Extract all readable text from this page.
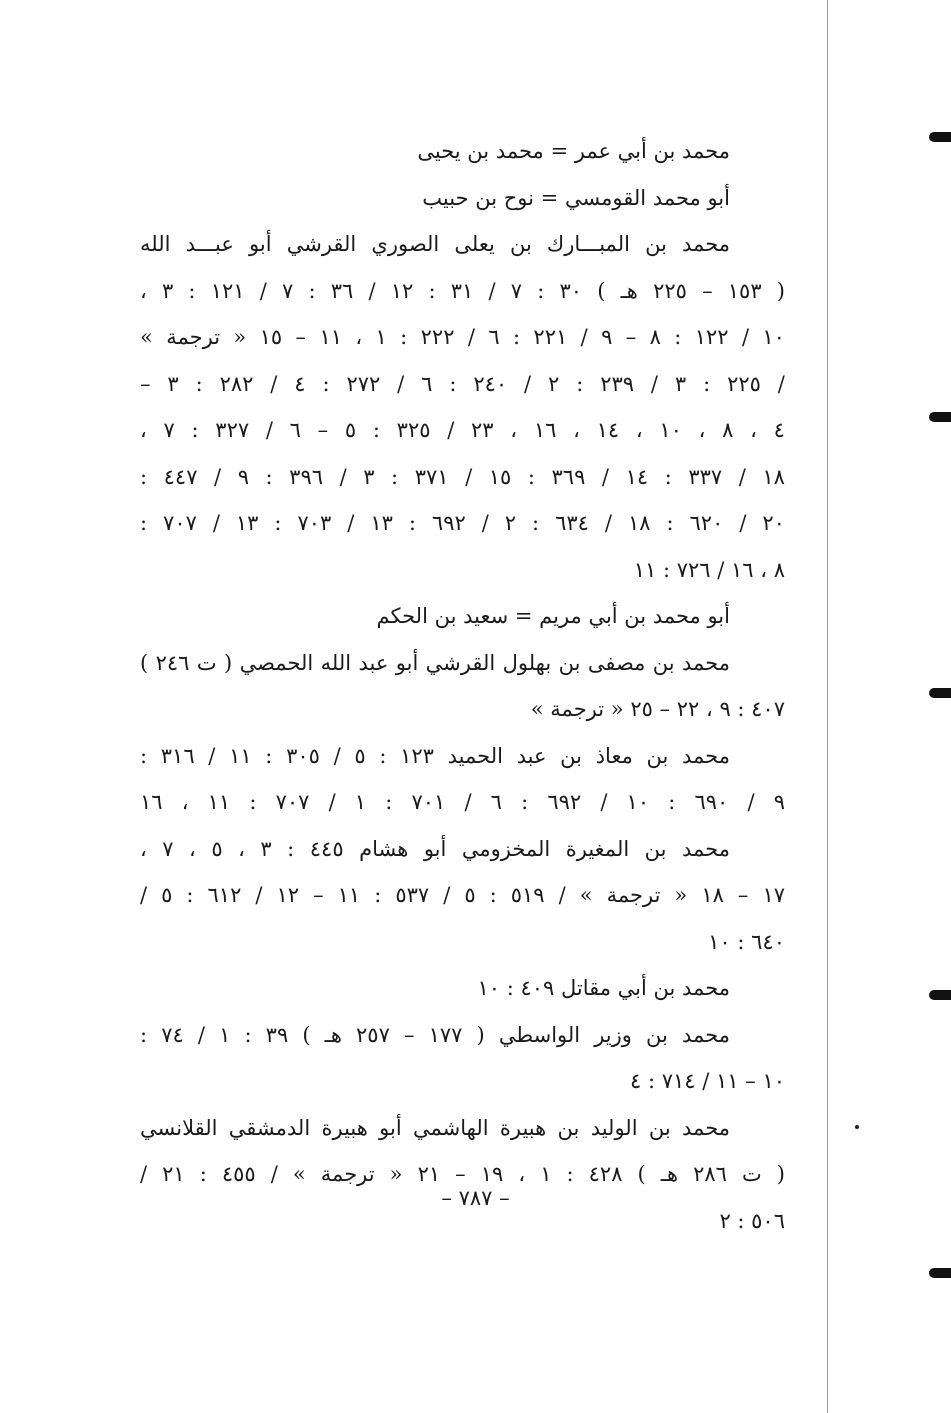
محمد بن أبي عمر = محمد بن يحيى
أبو محمد القومسي = نوح بن حبيب
محمد بن المبـــارك بن يعلى الصوري القرشي أبو عبـــد الله
( ١٥٣ – ٢٢٥ هـ ) ٣٠ : ٧ / ٣١ : ١٢ / ٣٦ : ٧ / ١٢١ : ٣ ،
١٠ / ١٢٢ : ٨ – ٩ / ٢٢١ : ٦ / ٢٢٢ : ١ ، ١١ – ١٥ « ترجمة »
/ ٢٢٥ : ٣ / ٢٣٩ : ٢ / ٢٤٠ : ٦ / ٢٧٢ : ٤ / ٢٨٢ : ٣ –
٤ ، ٨ ، ١٠ ، ١٤ ، ١٦ ، ٢٣ / ٣٢٥ : ٥ – ٦ / ٣٢٧ : ٧ ،
١٨ / ٣٣٧ : ١٤ / ٣٦٩ : ١٥ / ٣٧١ : ٣ / ٣٩٦ : ٩ / ٤٤٧ :
٢٠ / ٦٢٠ : ١٨ / ٦٣٤ : ٢ / ٦٩٢ : ١٣ / ٧٠٣ : ١٣ / ٧٠٧ :
٨ ، ١٦ / ٧٢٦ : ١١
أبو محمد بن أبي مريم = سعيد بن الحكم
محمد بن مصفى بن بهلول القرشي أبو عبد الله الحمصي ( ت ٢٤٦ )
٤٠٧ : ٩ ، ٢٢ – ٢٥ « ترجمة »
محمد بن معاذ بن عبد الحميد ١٢٣ : ٥ / ٣٠٥ : ١١ / ٣١٦ :
٩ / ٦٩٠ : ١٠ / ٦٩٢ : ٦ / ٧٠١ : ١ / ٧٠٧ : ١١ ، ١٦
محمد بن المغيرة المخزومي أبو هشام ٤٤٥ : ٣ ، ٥ ، ٧ ،
١٧ – ١٨ « ترجمة » / ٥١٩ : ٥ / ٥٣٧ : ١١ – ١٢ / ٦١٢ : ٥ /
٦٤٠ : ١٠
محمد بن أبي مقاتل ٤٠٩ : ١٠
محمد بن وزير الواسطي ( ١٧٧ – ٢٥٧ هـ ) ٣٩ : ١ / ٧٤ :
١٠ – ١١ / ٧١٤ : ٤
محمد بن الوليد بن هبيرة الهاشمي أبو هبيرة الدمشقي القلانسي
( ت ٢٨٦ هـ ) ٤٢٨ : ١ ، ١٩ – ٢١ « ترجمة » / ٤٥٥ : ٢١ /
٥٠٦ : ٢
– ٧٨٧ –
